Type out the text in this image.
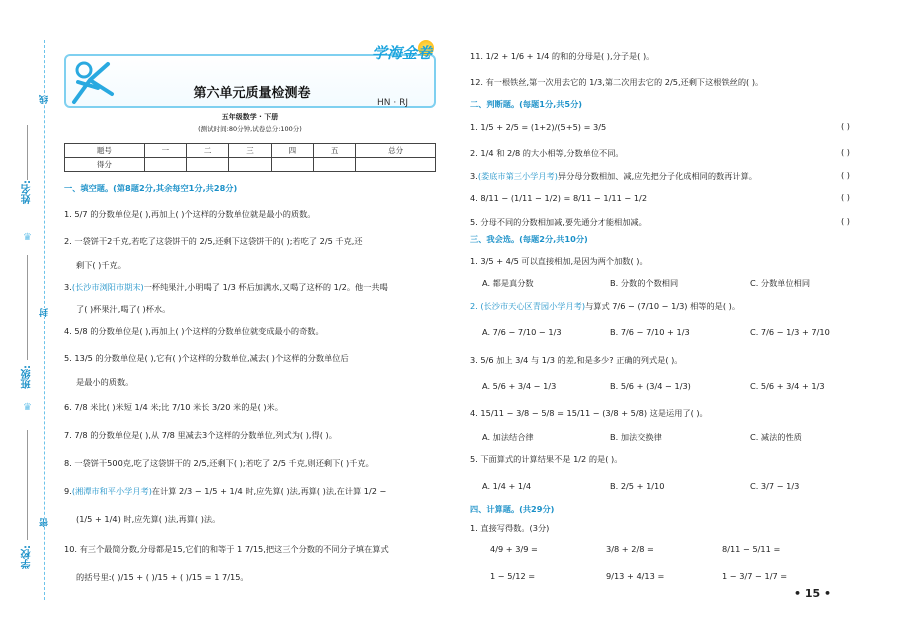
线
姓名:
♛
封
班级:
♛
密
学校:
第六单元质量检测卷
HN · RJ
学海金卷
五年级数学 · 下册
(测试时间:80分钟,试卷总分:100分)
题号	一	二	三	四	五	总分
得分						
一、填空题。(第8题2分,其余每空1分,共28分)
1. 5/7 的分数单位是( ),再加上( )个这样的分数单位就是最小的质数。
2. 一袋饼干2千克,若吃了这袋饼干的 2/5,还剩下这袋饼干的( );若吃了 2/5 千克,还
剩下( )千克。
3.(长沙市浏阳市期末)一杯纯果汁,小明喝了 1/3 杯后加满水,又喝了这杯的 1/2。他一共喝
了( )杯果汁,喝了( )杯水。
4. 5/8 的分数单位是( ),再加上( )个这样的分数单位就变成最小的奇数。
5. 13/5 的分数单位是( ),它有( )个这样的分数单位,减去( )个这样的分数单位后
是最小的质数。
6. 7/8 米比( )米短 1/4 米;比 7/10 米长 3/20 米的是( )米。
7. 7/8 的分数单位是( ),从 7/8 里减去3个这样的分数单位,列式为( ),得( )。
8. 一袋饼干500克,吃了这袋饼干的 2/5,还剩下( );若吃了 2/5 千克,则还剩下( )千克。
9.(湘潭市和平小学月考)在计算 2/3 − 1/5 + 1/4 时,应先算( )法,再算( )法,在计算 1/2 −
(1/5 + 1/4) 时,应先算( )法,再算( )法。
10. 有三个最简分数,分母都是15,它们的和等于 1 7/15,把这三个分数的不同分子填在算式
的括号里:( )/15 + ( )/15 + ( )/15 = 1 7/15。
11. 1/2 + 1/6 + 1/4 的和的分母是( ),分子是( )。
12. 有一根铁丝,第一次用去它的 1/3,第二次用去它的 2/5,还剩下这根铁丝的( )。
二、判断题。(每题1分,共5分)
1. 1/5 + 2/5 = (1+2)/(5+5) = 3/5	( )
2. 1/4 和 2/8 的大小相等,分数单位不同。	( )
3.(娄底市第三小学月考)异分母分数相加、减,应先把分子化成相同的数再计算。	( )
4. 8/11 − (1/11 − 1/2) = 8/11 − 1/11 − 1/2	( )
5. 分母不同的分数相加减,要先通分才能相加减。	( )
三、我会选。(每题2分,共10分)
1. 3/5 + 4/5 可以直接相加,是因为两个加数( )。
A. 都是真分数	B. 分数的个数相同	C. 分数单位相同
2. (长沙市天心区青园小学月考)与算式 7/6 − (7/10 − 1/3) 相等的是( )。
A. 7/6 − 7/10 − 1/3	B. 7/6 − 7/10 + 1/3	C. 7/6 − 1/3 + 7/10
3. 5/6 加上 3/4 与 1/3 的差,和是多少? 正确的列式是( )。
A. 5/6 + 3/4 − 1/3	B. 5/6 + (3/4 − 1/3)	C. 5/6 + 3/4 + 1/3
4. 15/11 − 3/8 − 5/8 = 15/11 − (3/8 + 5/8) 这是运用了( )。
A. 加法结合律	B. 加法交换律	C. 减法的性质
5. 下面算式的计算结果不是 1/2 的是( )。
A. 1/4 + 1/4	B. 2/5 + 1/10	C. 3/7 − 1/3
四、计算题。(共29分)
1. 直接写得数。(3分)
4/9 + 3/9 =	3/8 + 2/8 =	8/11 − 5/11 =
1 − 5/12 =	9/13 + 4/13 =	1 − 3/7 − 1/7 =
• 15 •
